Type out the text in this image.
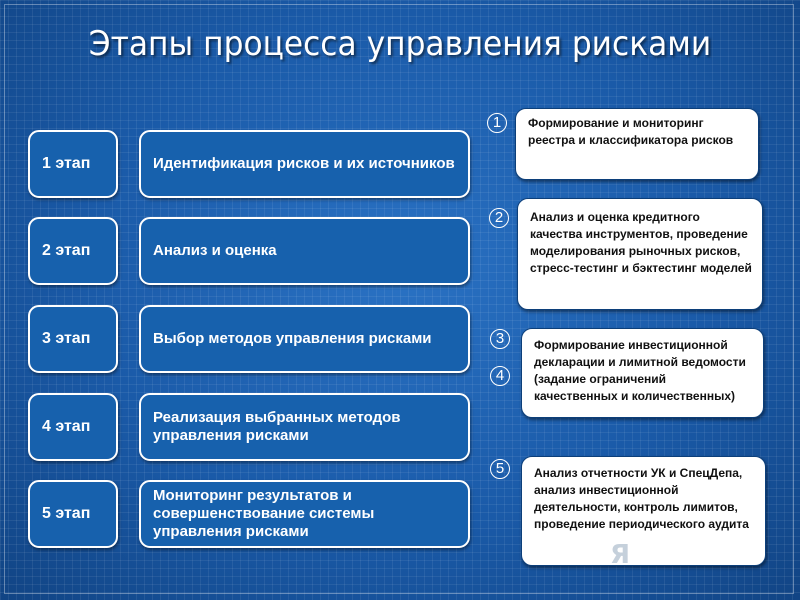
Этапы процесса управления рисками
1 этап
2 этап
3 этап
4 этап
5 этап
Идентификация рисков и их источников
Анализ и оценка
Выбор методов управления рисками
Реализация выбранных методов управления рисками
Мониторинг результатов и совершенствование системы управления рисками
1
2
3
4
5
Формирование и мониторинг реестра и классификатора рисков
Анализ и оценка кредитного качества инструментов, проведение моделирования рыночных рисков, стресс-тестинг и бэктестинг моделей
Формирование инвестиционной декларации и лимитной ведомости (задание ограничений качественных и количественных)
Анализ отчетности УК и СпецДепа, анализ инвестиционной деятельности, контроль лимитов, проведение периодического аудита
Я
